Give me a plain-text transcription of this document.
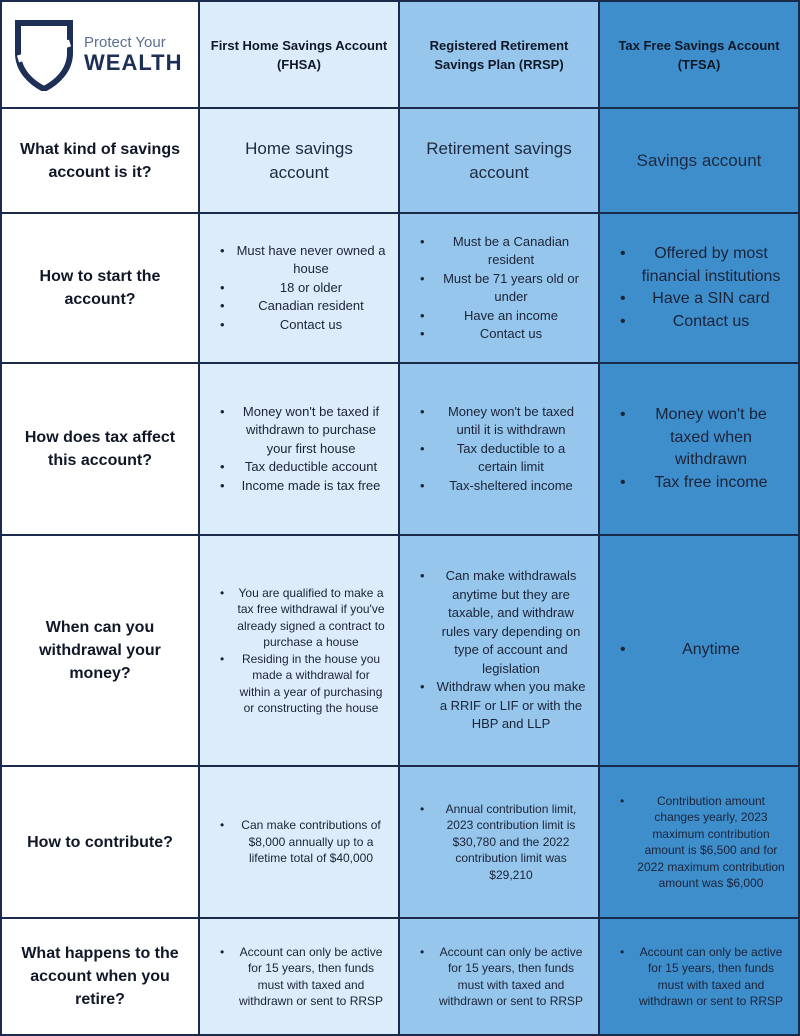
Protect Your
WEALTH
First Home Savings Account (FHSA)
Registered Retirement Savings Plan (RRSP)
Tax Free Savings Account (TFSA)
What kind of savings account is it?
Home savings account
Retirement savings account
Savings account
How to start the account?
• Must have never owned a house
• 18 or older
• Canadian resident
• Contact us
• Must be a Canadian resident
• Must be 71 years old or under
• Have an income
• Contact us
• Offered by most financial institutions
• Have a SIN card
• Contact us
How does tax affect this account?
• Money won't be taxed if withdrawn to purchase your first house
• Tax deductible account
• Income made is tax free
• Money won't be taxed until it is withdrawn
• Tax deductible to a certain limit
• Tax-sheltered income
• Money won't be taxed when withdrawn
• Tax free income
When can you withdrawal your money?
• You are qualified to make a tax free withdrawal if you've already signed a contract to purchase a house
• Residing in the house you made a withdrawal for within a year of purchasing or constructing the house
• Can make withdrawals anytime but they are taxable, and withdraw rules vary depending on type of account and legislation
• Withdraw when you make a RRIF or LIF or with the HBP and LLP
• Anytime
How to contribute?
• Can make contributions of $8,000 annually up to a lifetime total of $40,000
• Annual contribution limit, 2023 contribution limit is $30,780 and the 2022 contribution limit was $29,210
• Contribution amount changes yearly, 2023 maximum contribution amount is $6,500 and for 2022 maximum contribution amount was $6,000
What happens to the account when you retire?
• Account can only be active for 15 years, then funds must with taxed and withdrawn or sent to RRSP
• Account can only be active for 15 years, then funds must with taxed and withdrawn or sent to RRSP
• Account can only be active for 15 years, then funds must with taxed and withdrawn or sent to RRSP
